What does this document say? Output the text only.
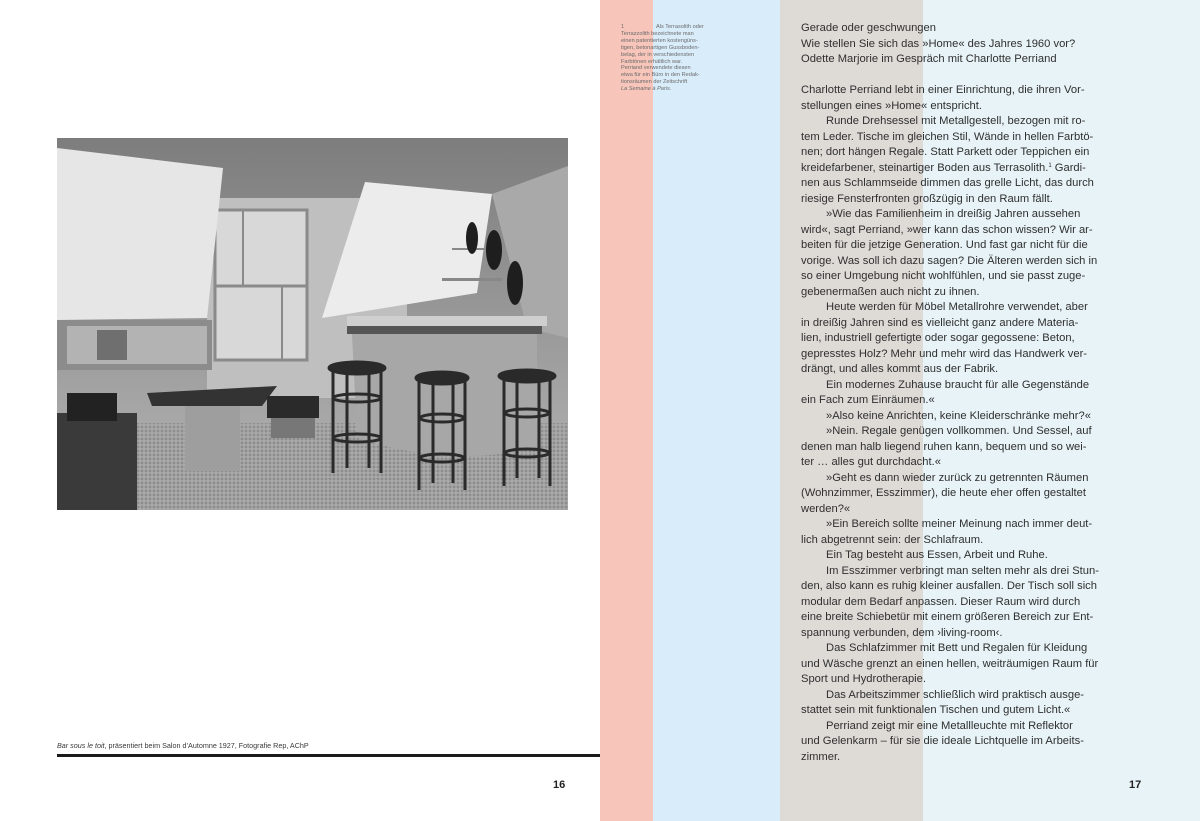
Bar sous le toit, präsentiert beim Salon d’Automne 1927, Fotografie Rep, AChP
16
1	Als Terrasolith oder
Terrazzolith bezeichnete man
einen patentierten kostengüns-
tigen, betonartigen Gussboden-
belag, der in verschiedensten
Farbtönen erhältlich war.
Perriand verwendete diesen
etwa für ein Büro in den Redak-
tionsräumen der Zeitschrift
La Semaine à Paris.
Gerade oder geschwungen
Wie stellen Sie sich das »Home« des Jahres 1960 vor?
Odette Marjorie im Gespräch mit Charlotte Perriand
Charlotte Perriand lebt in einer Einrichtung, die ihren Vor-
stellungen eines »Home« entspricht.
Runde Drehsessel mit Metallgestell, bezogen mit ro-
tem Leder. Tische im gleichen Stil, Wände in hellen Farbtö-
nen; dort hängen Regale. Statt Parkett oder Teppichen ein
kreidefarbener, steinartiger Boden aus Terrasolith.$^1$ Gardi-
nen aus Schlammseide dimmen das grelle Licht, das durch
riesige Fensterfronten großzügig in den Raum fällt.
»Wie das Familienheim in dreißig Jahren aussehen
wird«, sagt Perriand, »wer kann das schon wissen? Wir ar-
beiten für die jetzige Generation. Und fast gar nicht für die
vorige. Was soll ich dazu sagen? Die Älteren werden sich in
so einer Umgebung nicht wohlfühlen, und sie passt zuge-
gebenermaßen auch nicht zu ihnen.
Heute werden für Möbel Metallrohre verwendet, aber
in dreißig Jahren sind es vielleicht ganz andere Materia-
lien, industriell gefertigte oder sogar gegossene: Beton,
gepresstes Holz? Mehr und mehr wird das Handwerk ver-
drängt, und alles kommt aus der Fabrik.
Ein modernes Zuhause braucht für alle Gegenstände
ein Fach zum Einräumen.«
»Also keine Anrichten, keine Kleiderschränke mehr?«
»Nein. Regale genügen vollkommen. Und Sessel, auf
denen man halb liegend ruhen kann, bequem und so wei-
ter … alles gut durchdacht.«
»Geht es dann wieder zurück zu getrennten Räumen
(Wohnzimmer, Esszimmer), die heute eher offen gestaltet
werden?«
»Ein Bereich sollte meiner Meinung nach immer deut-
lich abgetrennt sein: der Schlafraum.
Ein Tag besteht aus Essen, Arbeit und Ruhe.
Im Esszimmer verbringt man selten mehr als drei Stun-
den, also kann es ruhig kleiner ausfallen. Der Tisch soll sich
modular dem Bedarf anpassen. Dieser Raum wird durch
eine breite Schiebetür mit einem größeren Bereich zur Ent-
spannung verbunden, dem ›living-room‹.
Das Schlafzimmer mit Bett und Regalen für Kleidung
und Wäsche grenzt an einen hellen, weiträumigen Raum für
Sport und Hydrotherapie.
Das Arbeitszimmer schließlich wird praktisch ausge-
stattet sein mit funktionalen Tischen und gutem Licht.«
Perriand zeigt mir eine Metallleuchte mit Reflektor
und Gelenkarm – für sie die ideale Lichtquelle im Arbeits-
zimmer.
17
